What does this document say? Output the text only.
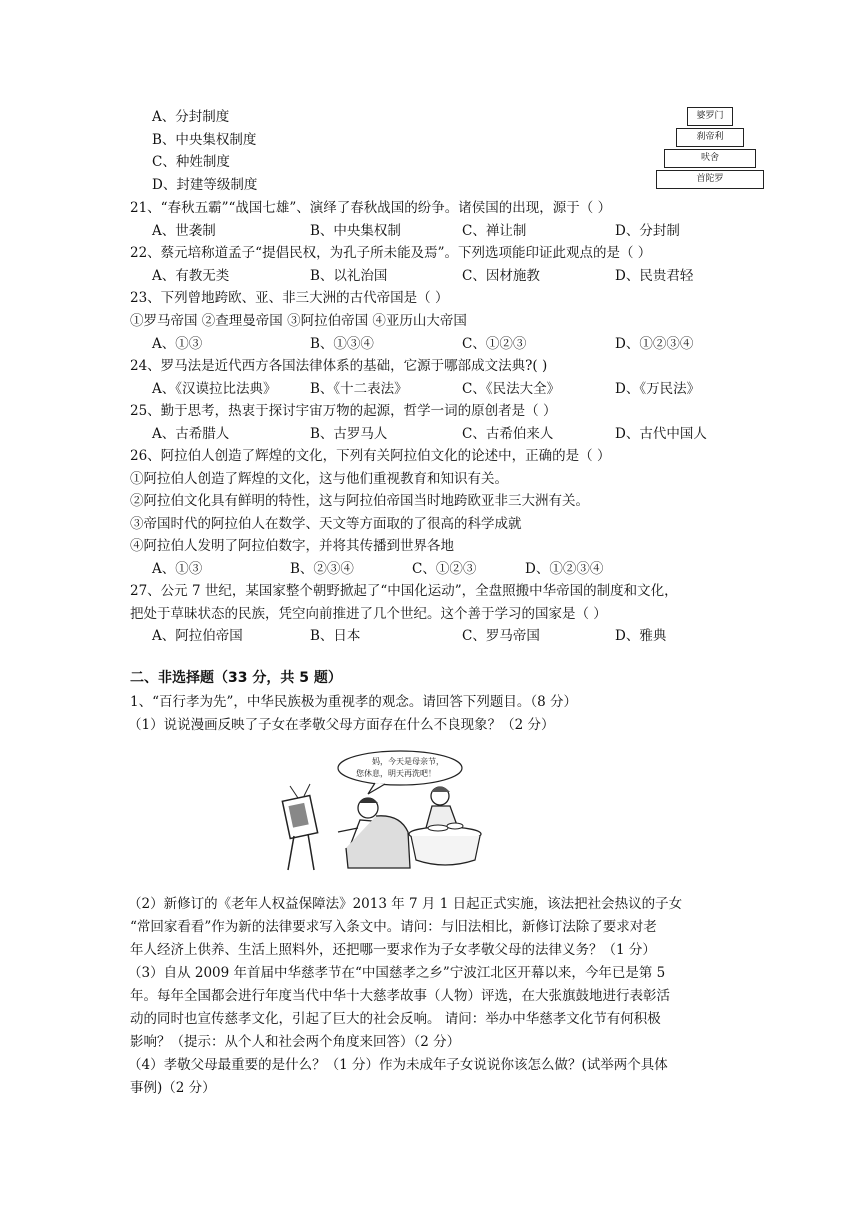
A、分封制度
B、中央集权制度
C、种姓制度
D、封建等级制度
婆罗门
刹帝利
吠舍
首陀罗
21、“春秋五霸”“战国七雄”、演绎了春秋战国的纷争。诸侯国的出现，源于（ ）
A、世袭制	B、中央集权制	C、禅让制	D、分封制
22、蔡元培称道孟子“提倡民权，为孔子所未能及焉”。下列选项能印证此观点的是（ ）
A、有教无类	B、以礼治国	C、因材施教	D、民贵君轻
23、下列曾地跨欧、亚、非三大洲的古代帝国是（ ）
①罗马帝国 ②查理曼帝国 ③阿拉伯帝国 ④亚历山大帝国
A、①③	B、①③④	C、①②③	D、①②③④
24、罗马法是近代西方各国法律体系的基础，它源于哪部成文法典?( )
A、《汉谟拉比法典》 B、《十二表法》	C、《民法大全》	D、《万民法》
25、勤于思考，热衷于探讨宇宙万物的起源，哲学一词的原创者是（ ）
A、古希腊人	B、古罗马人	C、古希伯来人	D、古代中国人
26、阿拉伯人创造了辉煌的文化，下列有关阿拉伯文化的论述中，正确的是（ ）
①阿拉伯人创造了辉煌的文化，这与他们重视教育和知识有关。
②阿拉伯文化具有鲜明的特性，这与阿拉伯帝国当时地跨欧亚非三大洲有关。
③帝国时代的阿拉伯人在数学、天文等方面取的了很高的科学成就
④阿拉伯人发明了阿拉伯数字，并将其传播到世界各地
A、①③	B、②③④	C、①②③	D、①②③④
27、公元 7 世纪，某国家整个朝野掀起了“中国化运动”，全盘照搬中华帝国的制度和文化，
把处于草昧状态的民族，凭空向前推进了几个世纪。这个善于学习的国家是（ ）
A、阿拉伯帝国	B、日本	C、罗马帝国	D、雅典
二、非选择题（33 分，共 5 题）
1、“百行孝为先”，中华民族极为重视孝的观念。请回答下列题目。（8 分）
（1）说说漫画反映了子女在孝敬父母方面存在什么不良现象？（2 分）
妈，今天是母亲节，
您休息，明天再洗吧！
（2）新修订的《老年人权益保障法》2013 年 7 月 1 日起正式实施，该法把社会热议的子女
“常回家看看”作为新的法律要求写入条文中。请问：与旧法相比，新修订法除了要求对老
年人经济上供养、生活上照料外，还把哪一要求作为子女孝敬父母的法律义务？（1 分）
（3）自从 2009 年首届中华慈孝节在“中国慈孝之乡”宁波江北区开幕以来，今年已是第 5
年。每年全国都会进行年度当代中华十大慈孝故事（人物）评选，在大张旗鼓地进行表彰活
动的同时也宣传慈孝文化，引起了巨大的社会反响。 请问：举办中华慈孝文化节有何积极
影响？（提示：从个人和社会两个角度来回答）（2 分）
（4）孝敬父母最重要的是什么？（1 分）作为未成年子女说说你该怎么做？(试举两个具体
事例)（2 分）
